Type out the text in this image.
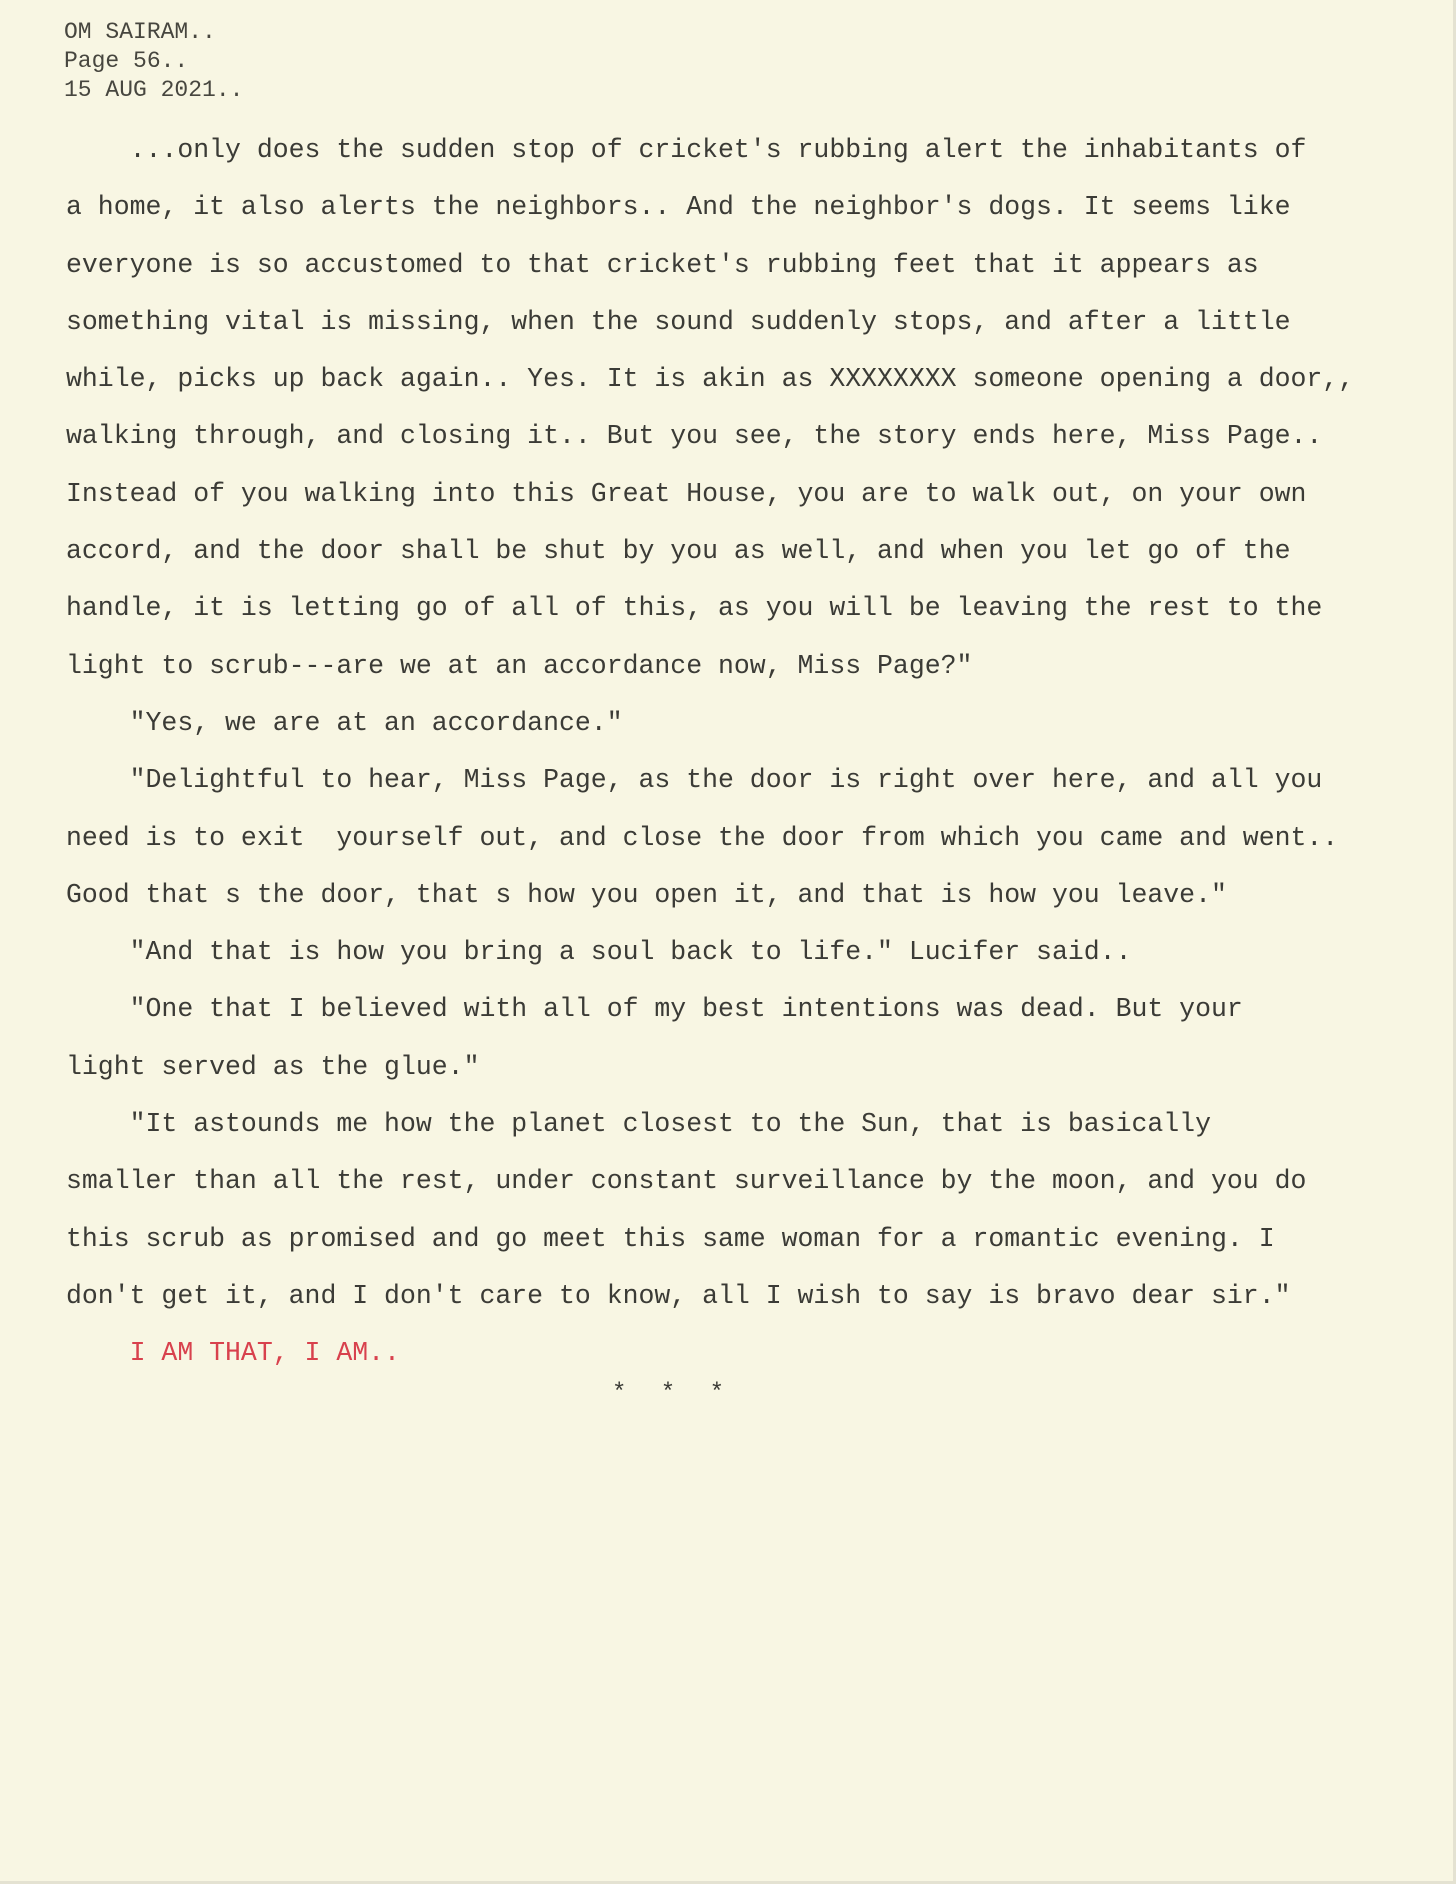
OM SAIRAM..
Page 56..
15 AUG 2021..
...only does the sudden stop of cricket's rubbing alert the inhabitants of
a home, it also alerts the neighbors.. And the neighbor's dogs. It seems like
everyone is so accustomed to that cricket's rubbing feet that it appears as
something vital is missing, when the sound suddenly stops, and after a little
while, picks up back again.. Yes. It is akin as XXXXXXXX someone opening a door,,
walking through, and closing it.. But you see, the story ends here, Miss Page..
Instead of you walking into this Great House, you are to walk out, on your own
accord, and the door shall be shut by you as well, and when you let go of the
handle, it is letting go of all of this, as you will be leaving the rest to the
light to scrub---are we at an accordance now, Miss Page?"
"Yes, we are at an accordance."
"Delightful to hear, Miss Page, as the door is right over here, and all you
need is to exit  yourself out, and close the door from which you came and went..
Good that s the door, that s how you open it, and that is how you leave."
"And that is how you bring a soul back to life." Lucifer said..
"One that I believed with all of my best intentions was dead. But your
light served as the glue."
"It astounds me how the planet closest to the Sun, that is basically
smaller than all the rest, under constant surveillance by the moon, and you do
this scrub as promised and go meet this same woman for a romantic evening. I
don't get it, and I don't care to know, all I wish to say is bravo dear sir."
I AM THAT, I AM..
* * *
